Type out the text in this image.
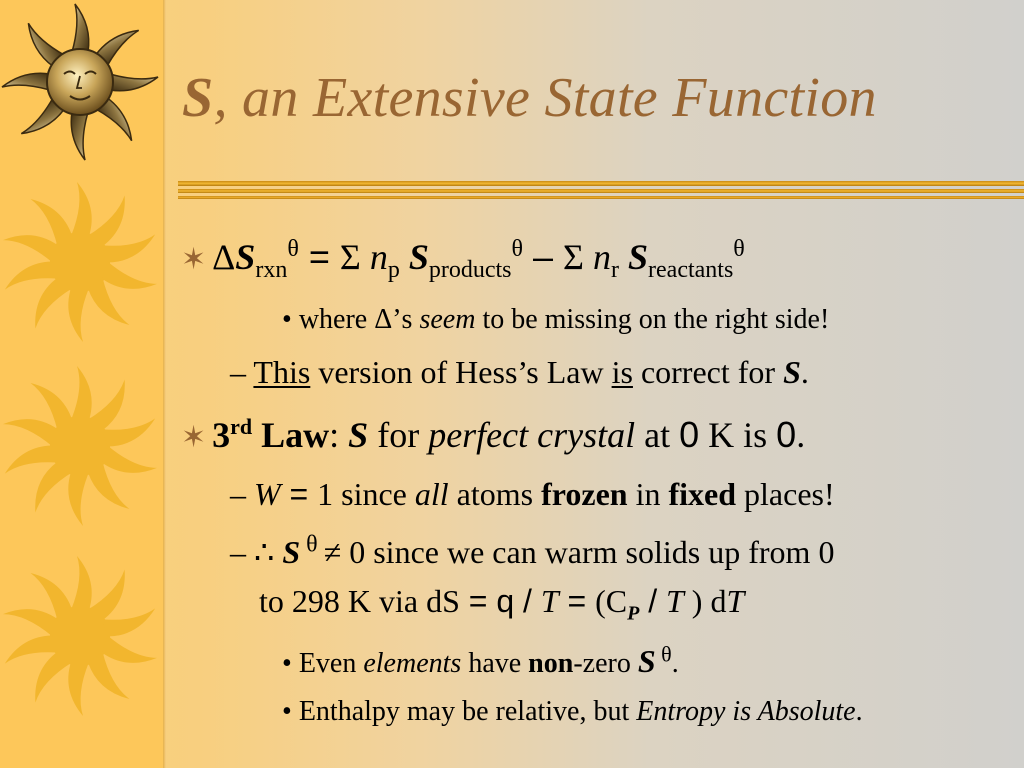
S, an Extensive State Function
✶ $\Delta S_{rxn}^\theta = \Sigma$ $n_p$ $S_{products}^\theta$ – Σ $n_r$ $S_{reactants}^\theta$
• where Δ’s seem to be missing on the right side!
– This version of Hess’s Law is correct for S.
✶ 3rd Law: S for perfect crystal at 0 K is 0.
– W = 1 since all atoms frozen in fixed places!
– ∴ S $^\theta$ ≠ 0 since we can warm solids up from 0
to 298 K via dS = $q / T = (C_P / T$ ) dT
• Even elements have non-zero S $^\theta$.
• Enthalpy may be relative, but Entropy is Absolute.
